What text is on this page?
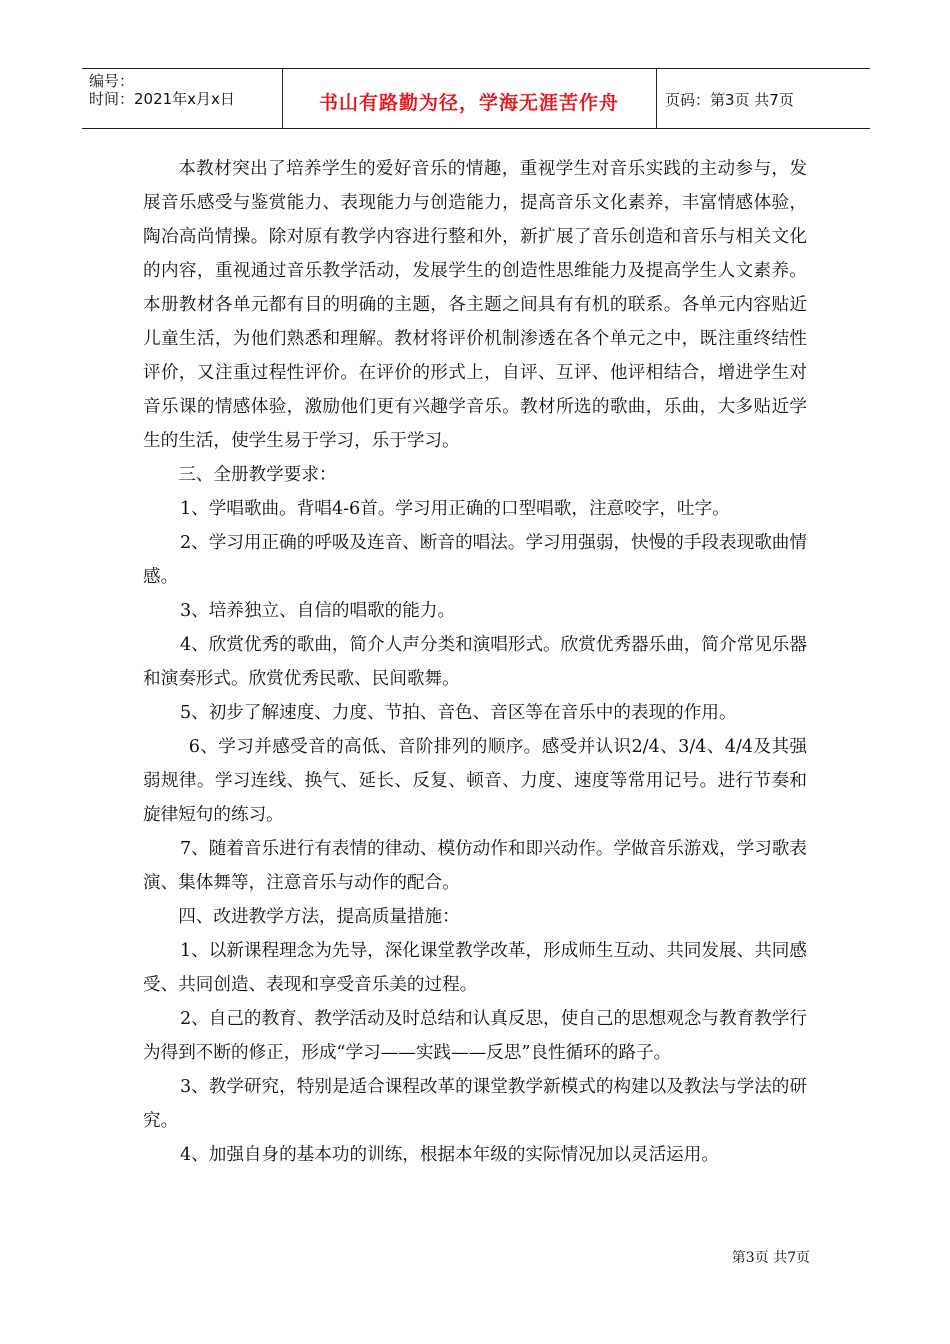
编号：
时间：2021年x月x日	书山有路勤为径，学海无涯苦作舟	页码：第3页 共7页

本教材突出了培养学生的爱好音乐的情趣，重视学生对音乐实践的主动参与，发展音乐感受与鉴赏能力、表现能力与创造能力，提高音乐文化素养，丰富情感体验，陶冶高尚情操。除对原有教学内容进行整和外，新扩展了音乐创造和音乐与相关文化的内容，重视通过音乐教学活动，发展学生的创造性思维能力及提高学生人文素养。本册教材各单元都有目的明确的主题，各主题之间具有有机的联系。各单元内容贴近儿童生活，为他们熟悉和理解。教材将评价机制渗透在各个单元之中，既注重终结性评价，又注重过程性评价。在评价的形式上，自评、互评、他评相结合，增进学生对音乐课的情感体验，激励他们更有兴趣学音乐。教材所选的歌曲，乐曲，大多贴近学生的生活，使学生易于学习，乐于学习。

三、全册教学要求：

1、学唱歌曲。背唱4-6首。学习用正确的口型唱歌，注意咬字，吐字。

2、学习用正确的呼吸及连音、断音的唱法。学习用强弱，快慢的手段表现歌曲情感。

3、培养独立、自信的唱歌的能力。

4、欣赏优秀的歌曲，简介人声分类和演唱形式。欣赏优秀器乐曲，简介常见乐器和演奏形式。欣赏优秀民歌、民间歌舞。

5、初步了解速度、力度、节拍、音色、音区等在音乐中的表现的作用。

6、学习并感受音的高低、音阶排列的顺序。感受并认识2/4、3/4、4/4及其强弱规律。学习连线、换气、延长、反复、顿音、力度、速度等常用记号。进行节奏和旋律短句的练习。

7、随着音乐进行有表情的律动、模仿动作和即兴动作。学做音乐游戏，学习歌表演、集体舞等，注意音乐与动作的配合。

四、改进教学方法，提高质量措施：

1、以新课程理念为先导，深化课堂教学改革，形成师生互动、共同发展、共同感受、共同创造、表现和享受音乐美的过程。

2、自己的教育、教学活动及时总结和认真反思，使自己的思想观念与教育教学行为得到不断的修正，形成“学习——实践——反思”良性循环的路子。

3、教学研究，特别是适合课程改革的课堂教学新模式的构建以及教法与学法的研究。

4、加强自身的基本功的训练，根据本年级的实际情况加以灵活运用。

第3页 共7页
